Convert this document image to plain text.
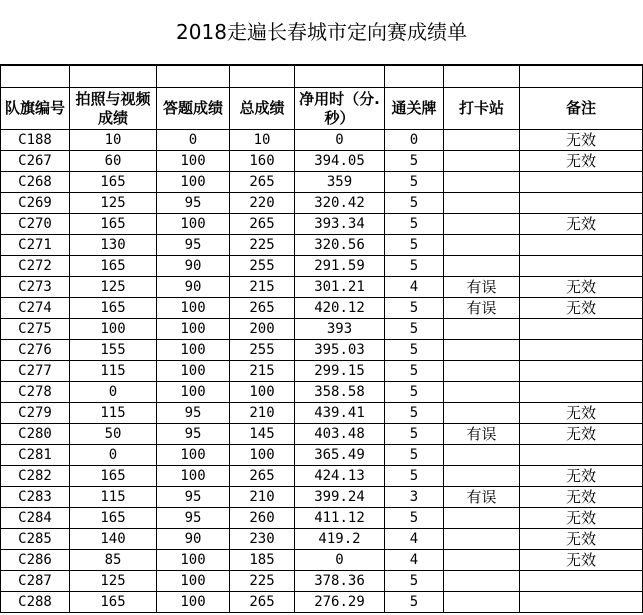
2018走遍长春城市定向赛成绩单

队旗编号	拍照与视频成绩	答题成绩	总成绩	净用时（分.秒）	通关牌	打卡站	备注
C188	10	0	10	0	0		无效
C267	60	100	160	394.05	5		无效
C268	165	100	265	359	5		
C269	125	95	220	320.42	5		
C270	165	100	265	393.34	5		无效
C271	130	95	225	320.56	5		
C272	165	90	255	291.59	5		
C273	125	90	215	301.21	4	有误	无效
C274	165	100	265	420.12	5	有误	无效
C275	100	100	200	393	5		
C276	155	100	255	395.03	5		
C277	115	100	215	299.15	5		
C278	0	100	100	358.58	5		
C279	115	95	210	439.41	5		无效
C280	50	95	145	403.48	5	有误	无效
C281	0	100	100	365.49	5		
C282	165	100	265	424.13	5		无效
C283	115	95	210	399.24	3	有误	无效
C284	165	95	260	411.12	5		无效
C285	140	90	230	419.2	4		无效
C286	85	100	185	0	4		无效
C287	125	100	225	378.36	5		
C288	165	100	265	276.29	5		
